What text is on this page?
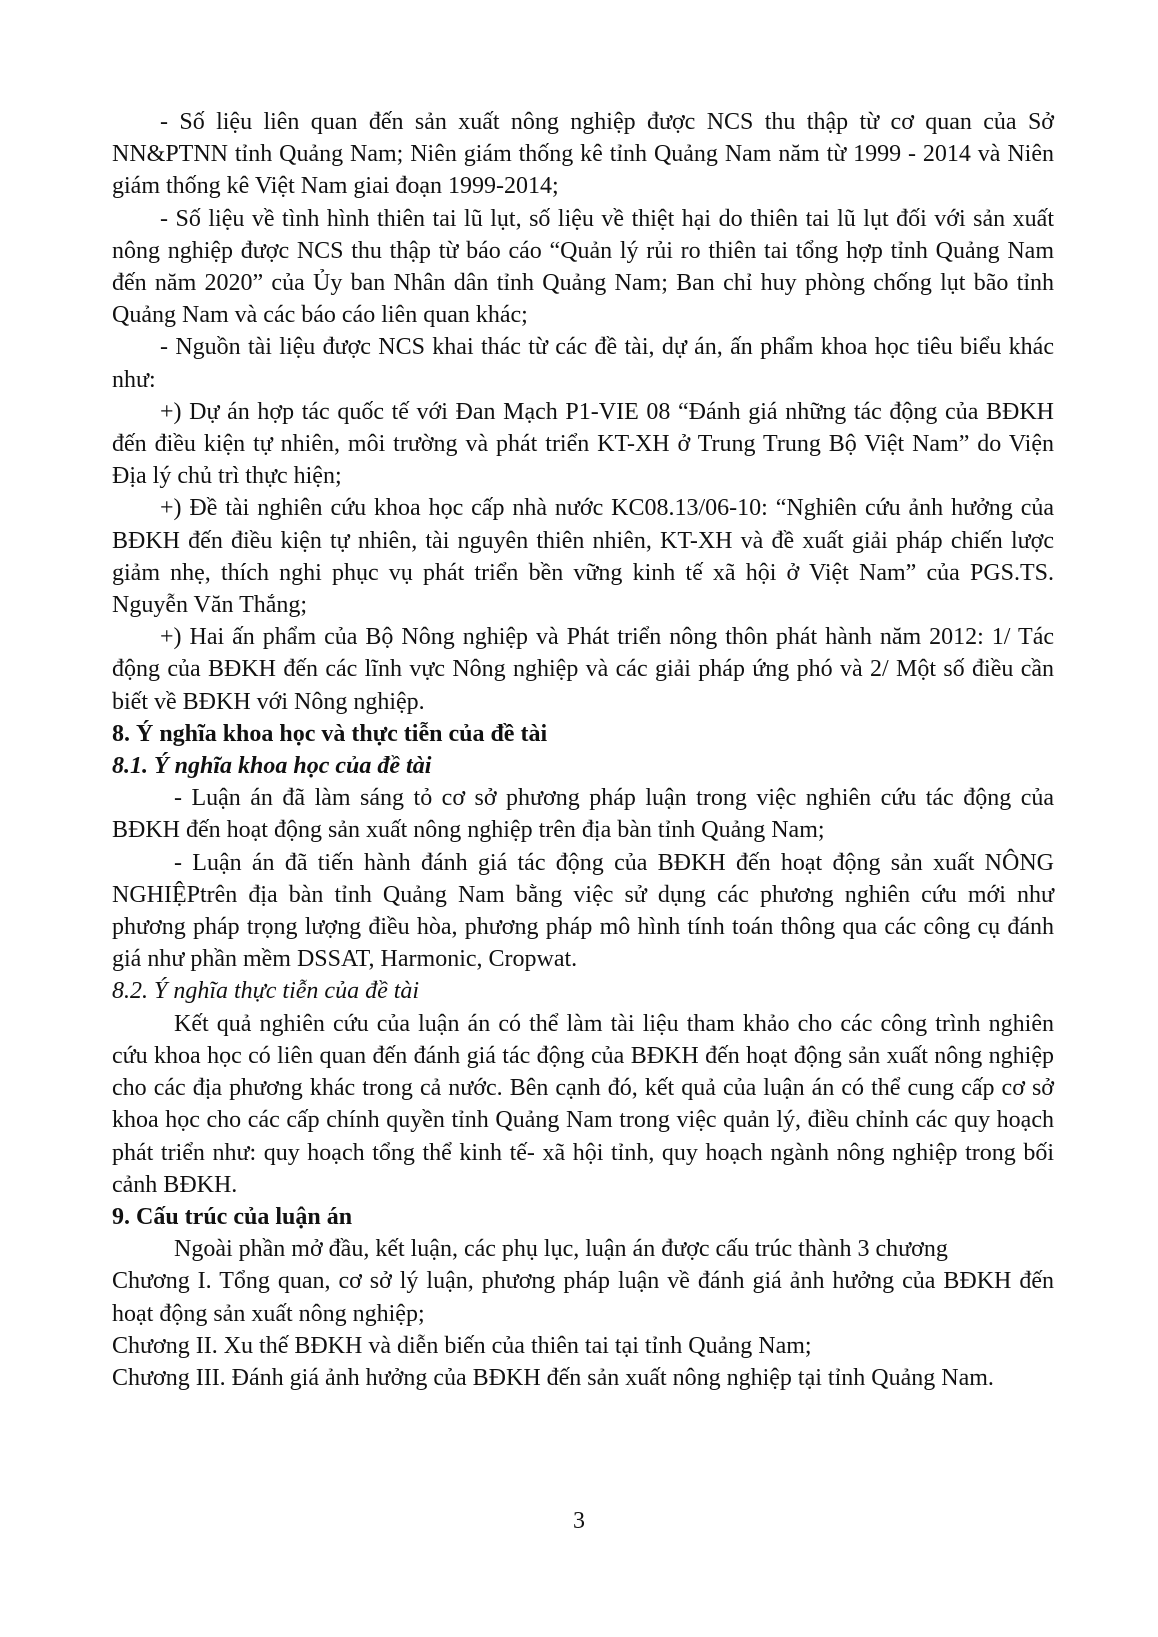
- Số liệu liên quan đến sản xuất nông nghiệp được NCS thu thập từ cơ quan của Sở NN&PTNN tỉnh Quảng Nam; Niên giám thống kê tỉnh Quảng Nam năm từ 1999 - 2014 và Niên giám thống kê Việt Nam giai đoạn 1999-2014;

- Số liệu về tình hình thiên tai lũ lụt, số liệu về thiệt hại do thiên tai lũ lụt đối với sản xuất nông nghiệp được NCS thu thập từ báo cáo “Quản lý rủi ro thiên tai tổng hợp tỉnh Quảng Nam đến năm 2020” của Ủy ban Nhân dân tỉnh Quảng Nam; Ban chỉ huy phòng chống lụt bão tỉnh Quảng Nam và các báo cáo liên quan khác;

- Nguồn tài liệu được NCS khai thác từ các đề tài, dự án, ấn phẩm khoa học tiêu biểu khác như:

+) Dự án hợp tác quốc tế với Đan Mạch P1-VIE 08 “Đánh giá những tác động của BĐKH đến điều kiện tự nhiên, môi trường và phát triển KT-XH ở Trung Trung Bộ Việt Nam” do Viện Địa lý chủ trì thực hiện;

+) Đề tài nghiên cứu khoa học cấp nhà nước KC08.13/06-10: “Nghiên cứu ảnh hưởng của BĐKH đến điều kiện tự nhiên, tài nguyên thiên nhiên, KT-XH và đề xuất giải pháp chiến lược giảm nhẹ, thích nghi phục vụ phát triển bền vững kinh tế xã hội ở Việt Nam” của PGS.TS. Nguyễn Văn Thắng;

+) Hai ấn phẩm của Bộ Nông nghiệp và Phát triển nông thôn phát hành năm 2012: 1/ Tác động của BĐKH đến các lĩnh vực Nông nghiệp và các giải pháp ứng phó và 2/ Một số điều cần biết về BĐKH với Nông nghiệp.

8. Ý nghĩa khoa học và thực tiễn của đề tài

8.1. Ý nghĩa khoa học của đề tài

- Luận án đã làm sáng tỏ cơ sở phương pháp luận trong việc nghiên cứu tác động của BĐKH đến hoạt động sản xuất nông nghiệp trên địa bàn tỉnh Quảng Nam;

- Luận án đã tiến hành đánh giá tác động của BĐKH đến hoạt động sản xuất NÔNG NGHIỆPtrên địa bàn tỉnh Quảng Nam bằng việc sử dụng các phương nghiên cứu mới như phương pháp trọng lượng điều hòa, phương pháp mô hình tính toán thông qua các công cụ đánh giá như phần mềm DSSAT, Harmonic, Cropwat.

8.2. Ý nghĩa thực tiễn của đề tài

Kết quả nghiên cứu của luận án có thể làm tài liệu tham khảo cho các công trình nghiên cứu khoa học có liên quan đến đánh giá tác động của BĐKH đến hoạt động sản xuất nông nghiệp cho các địa phương khác trong cả nước. Bên cạnh đó, kết quả của luận án có thể cung cấp cơ sở khoa học cho các cấp chính quyền tỉnh Quảng Nam trong việc quản lý, điều chỉnh các quy hoạch phát triển như: quy hoạch tổng thể kinh tế- xã hội tỉnh, quy hoạch ngành nông nghiệp trong bối cảnh BĐKH.

9. Cấu trúc của luận án

Ngoài phần mở đầu, kết luận, các phụ lục, luận án được cấu trúc thành 3 chương

Chương I. Tổng quan, cơ sở lý luận, phương pháp luận về đánh giá ảnh hưởng của BĐKH đến hoạt động sản xuất nông nghiệp;

Chương II. Xu thế BĐKH và diễn biến của thiên tai tại tỉnh Quảng Nam;

Chương III. Đánh giá ảnh hưởng của BĐKH đến sản xuất nông nghiệp tại tỉnh Quảng Nam.

3
